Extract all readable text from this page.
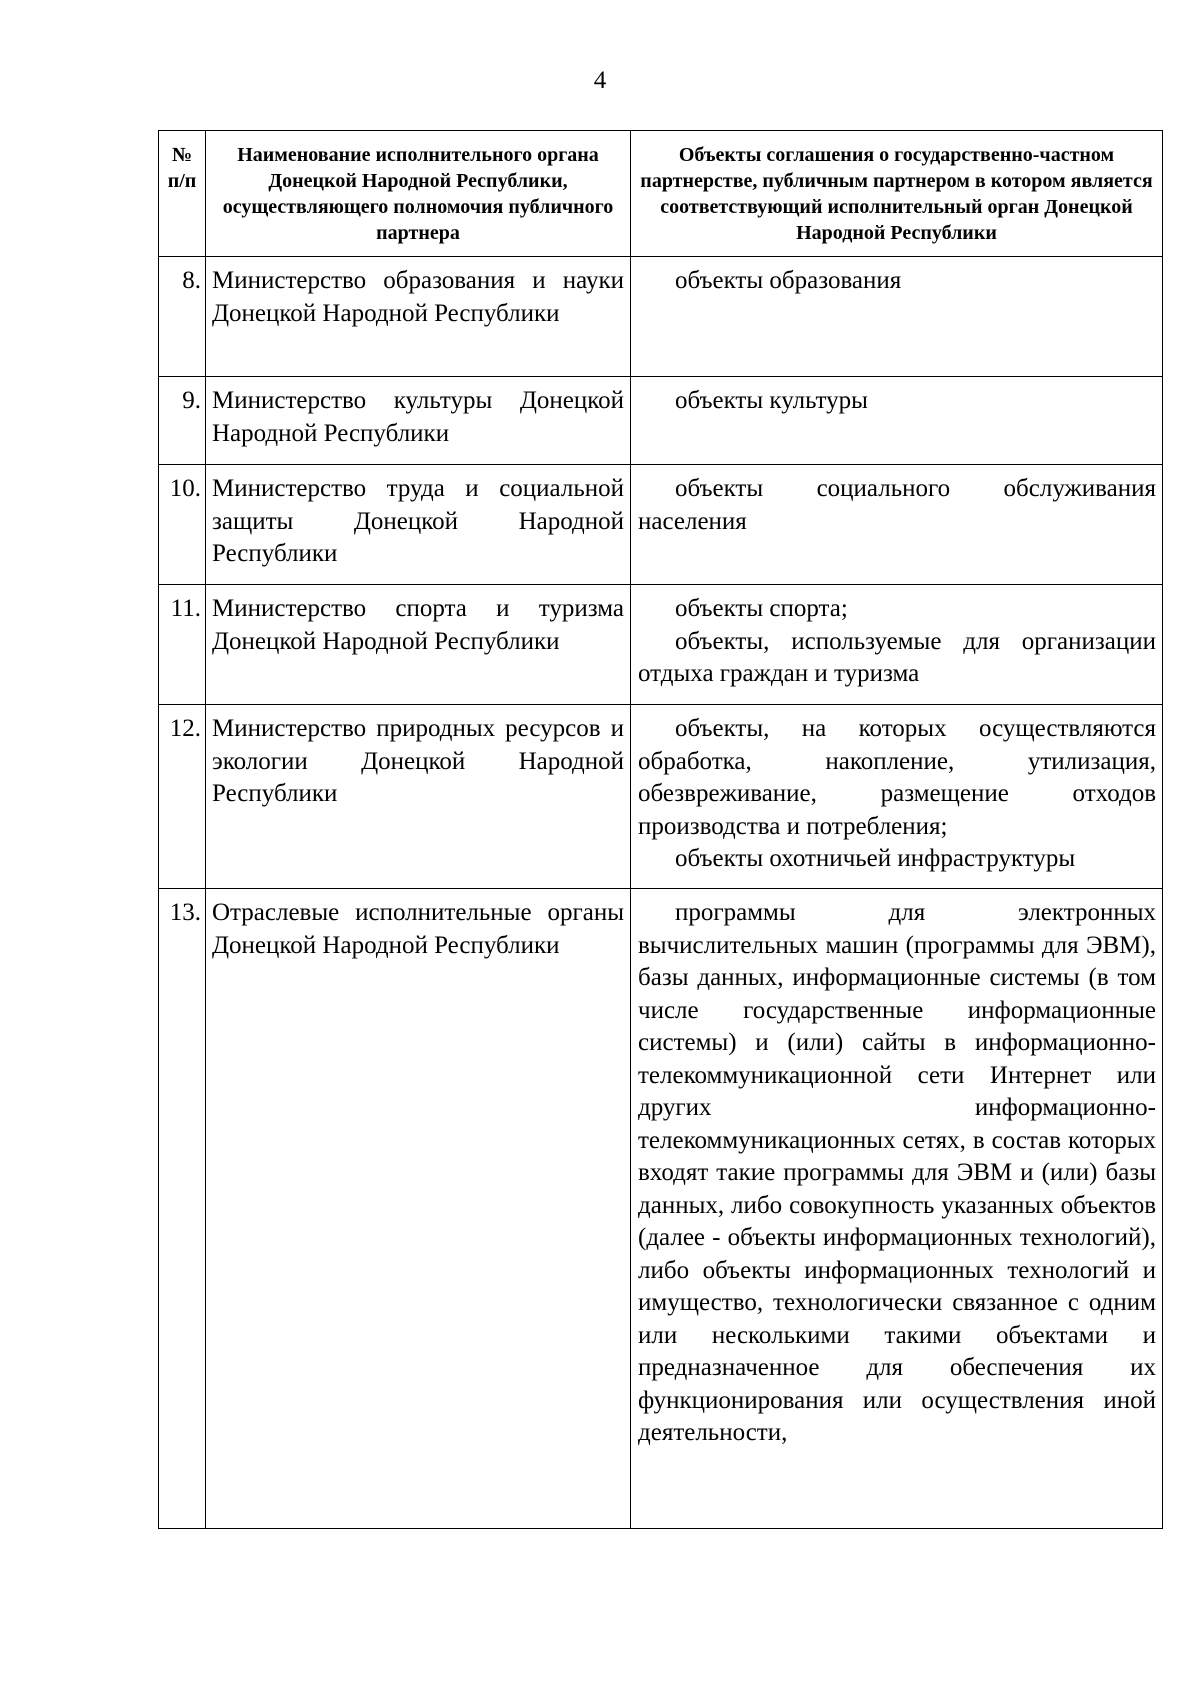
4
№ п/п	Наименование исполнительного органа Донецкой Народной Республики, осуществляющего полномочия публичного партнера	Объекты соглашения о государственно-частном партнерстве, публичным партнером в котором является соответствующий исполнительный орган Донецкой Народной Республики
8.	Министерство образования и науки Донецкой Народной Республики	объекты образования

9.	Министерство культуры Донецкой Народной Республики	объекты культуры

10.	Министерство труда и социальной защиты Донецкой Народной Республики	объекты социального обслуживания населения

11.	Министерство спорта и туризма Донецкой Народной Республики	объекты спорта;
объекты, используемые для организации отдыха граждан и туризма

12.	Министерство природных ресурсов и экологии Донецкой Народной Республики	объекты, на которых осуществляются обработка, накопление, утилизация, обезвреживание, размещение отходов производства и потребления;
объекты охотничьей инфраструктуры

13.	Отраслевые исполнительные органы Донецкой Народной Республики	программы для электронных вычислительных машин (программы для ЭВМ), базы данных, информационные системы (в том числе государственные информационные системы) и (или) сайты в информационно-телекоммуникационной сети Интернет или других информационно-телекоммуникационных сетях, в состав которых входят такие программы для ЭВМ и (или) базы данных, либо совокупность указанных объектов (далее - объекты информационных технологий), либо объекты информационных технологий и имущество, технологически связанное с одним или несколькими такими объектами и предназначенное для обеспечения их функционирования или осуществления иной деятельности,
